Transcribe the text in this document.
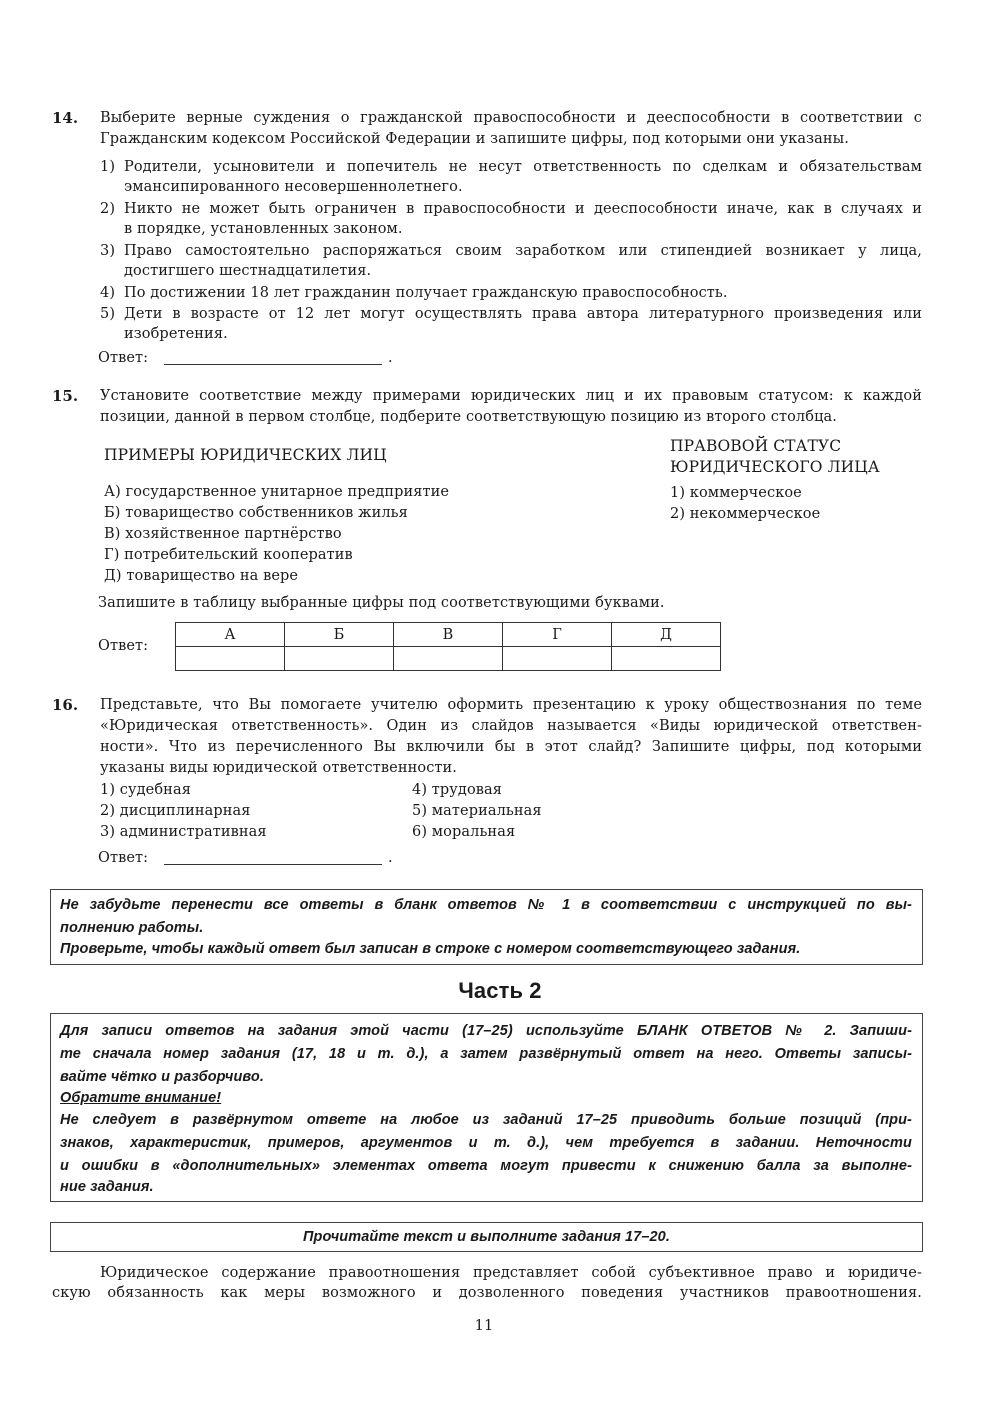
14. Выберите верные суждения о гражданской правоспособности и дееспособности в соответствии с
Гражданским кодексом Российской Федерации и запишите цифры, под которыми они указаны.
1) Родители, усыновители и попечитель не несут ответственность по сделкам и обязательствам
эмансипированного несовершеннолетнего.
2) Никто не может быть ограничен в правоспособности и дееспособности иначе, как в случаях и
в порядке, установленных законом.
3) Право самостоятельно распоряжаться своим заработком или стипендией возникает у лица,
достигшего шестнадцатилетия.
4) По достижении 18 лет гражданин получает гражданскую правоспособность.
5) Дети в возрасте от 12 лет могут осуществлять права автора литературного произведения или
изобретения.
Ответ:	.
15. Установите соответствие между примерами юридических лиц и их правовым статусом: к каждой
позиции, данной в первом столбце, подберите соответствующую позицию из второго столбца.
ПРИМЕРЫ ЮРИДИЧЕСКИХ ЛИЦ	ПРАВОВОЙ СТАТУС
ЮРИДИЧЕСКОГО ЛИЦА
А) государственное унитарное предприятие
Б) товарищество собственников жилья
В) хозяйственное партнёрство
Г) потребительский кооператив
Д) товарищество на вере
1) коммерческое
2) некоммерческое
Запишите в таблицу выбранные цифры под соответствующими буквами.
Ответ:
А	Б	В	Г	Д

16. Представьте, что Вы помогаете учителю оформить презентацию к уроку обществознания по теме
«Юридическая ответственность». Один из слайдов называется «Виды юридической ответствен-
ности». Что из перечисленного Вы включили бы в этот слайд? Запишите цифры, под которыми
указаны виды юридической ответственности.
1) судебная
2) дисциплинарная
3) административная
4) трудовая
5) материальная
6) моральная
Ответ:	.
Не забудьте перенести все ответы в бланк ответов № 1 в соответствии с инструкцией по вы-
полнению работы.
Проверьте, чтобы каждый ответ был записан в строке с номером соответствующего задания.
Часть 2
Для записи ответов на задания этой части (17–25) используйте БЛАНК ОТВЕТОВ № 2. Запиши-
те сначала номер задания (17, 18 и т. д.), а затем развёрнутый ответ на него. Ответы записы-
вайте чётко и разборчиво.
Обратите внимание!
Не следует в развёрнутом ответе на любое из заданий 17–25 приводить больше позиций (при-
знаков, характеристик, примеров, аргументов и т. д.), чем требуется в задании. Неточности
и ошибки в «дополнительных» элементах ответа могут привести к снижению балла за выполне-
ние задания.
Прочитайте текст и выполните задания 17–20.
Юридическое содержание правоотношения представляет собой субъективное право и юридиче-
скую обязанность как меры возможного и дозволенного поведения участников правоотношения.
11
